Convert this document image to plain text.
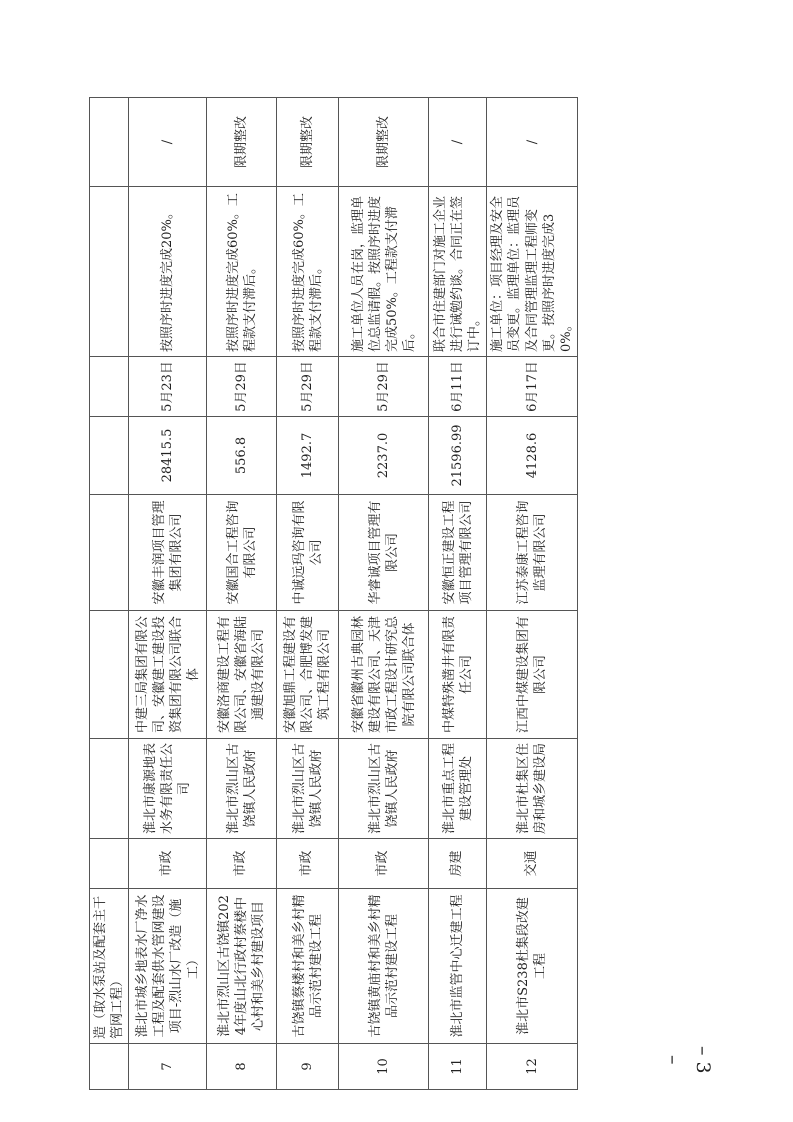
	造（取水泵站及配套主干管网工程）								
7	淮北市城乡地表水厂净水工程及配套供水管网建设项目-烈山水厂改造（施工）	市政	淮北市康源地表水务有限责任公司	中建三局集团有限公司、安徽建工建设投资集团有限公司联合体	安徽丰润项目管理集团有限公司	28415.5	5月23日	按照序时进度完成20%。	/
8	淮北市烈山区古饶镇2024年度山北行政村蔡楼中心村和美乡村建设项目	市政	淮北市烈山区古饶镇人民政府	安徽洛商建设工程有限公司、安徽省海陆通建设有限公司	安徽国合工程咨询有限公司	556.8	5月29日	按照序时进度完成60%。工程款支付滞后。	限期整改
9	古饶镇蔡楼村和美乡村精品示范村建设工程	市政	淮北市烈山区古饶镇人民政府	安徽旭鼎工程建设有限公司、合肥博发建筑工程有限公司	中诚远玛咨询有限公司	1492.7	5月29日	按照序时进度完成60%。工程款支付滞后。	限期整改
10	古饶镇黄庙村和美乡村精品示范村建设工程	市政	淮北市烈山区古饶镇人民政府	安徽省徽州古典园林建设有限公司、天津市政工程设计研究总院有限公司联合体	华睿诚项目管理有限公司	2237.0	5月29日	施工单位人员在岗，监理单位总监请假。按照序时进度完成50%。工程款支付滞后。	限期整改
11	淮北市监管中心迁建工程	房建	淮北市重点工程建设管理处	中煤特殊凿井有限责任公司	安徽恒正建设工程项目管理有限公司	21596.99	6月11日	联合市住建部门对施工企业进行诫勉约谈。合同正在签订中。	/
12	淮北市S238杜集段改建工程	交通	淮北市杜集区住房和城乡建设局	江西中煤建设集团有限公司	江苏泰康工程咨询监理有限公司	4128.6	6月17日	施工单位：项目经理及安全员变更。监理单位：监理员及合同管理监理工程师变更。按照序时进度完成30%。	/
– 3 –
